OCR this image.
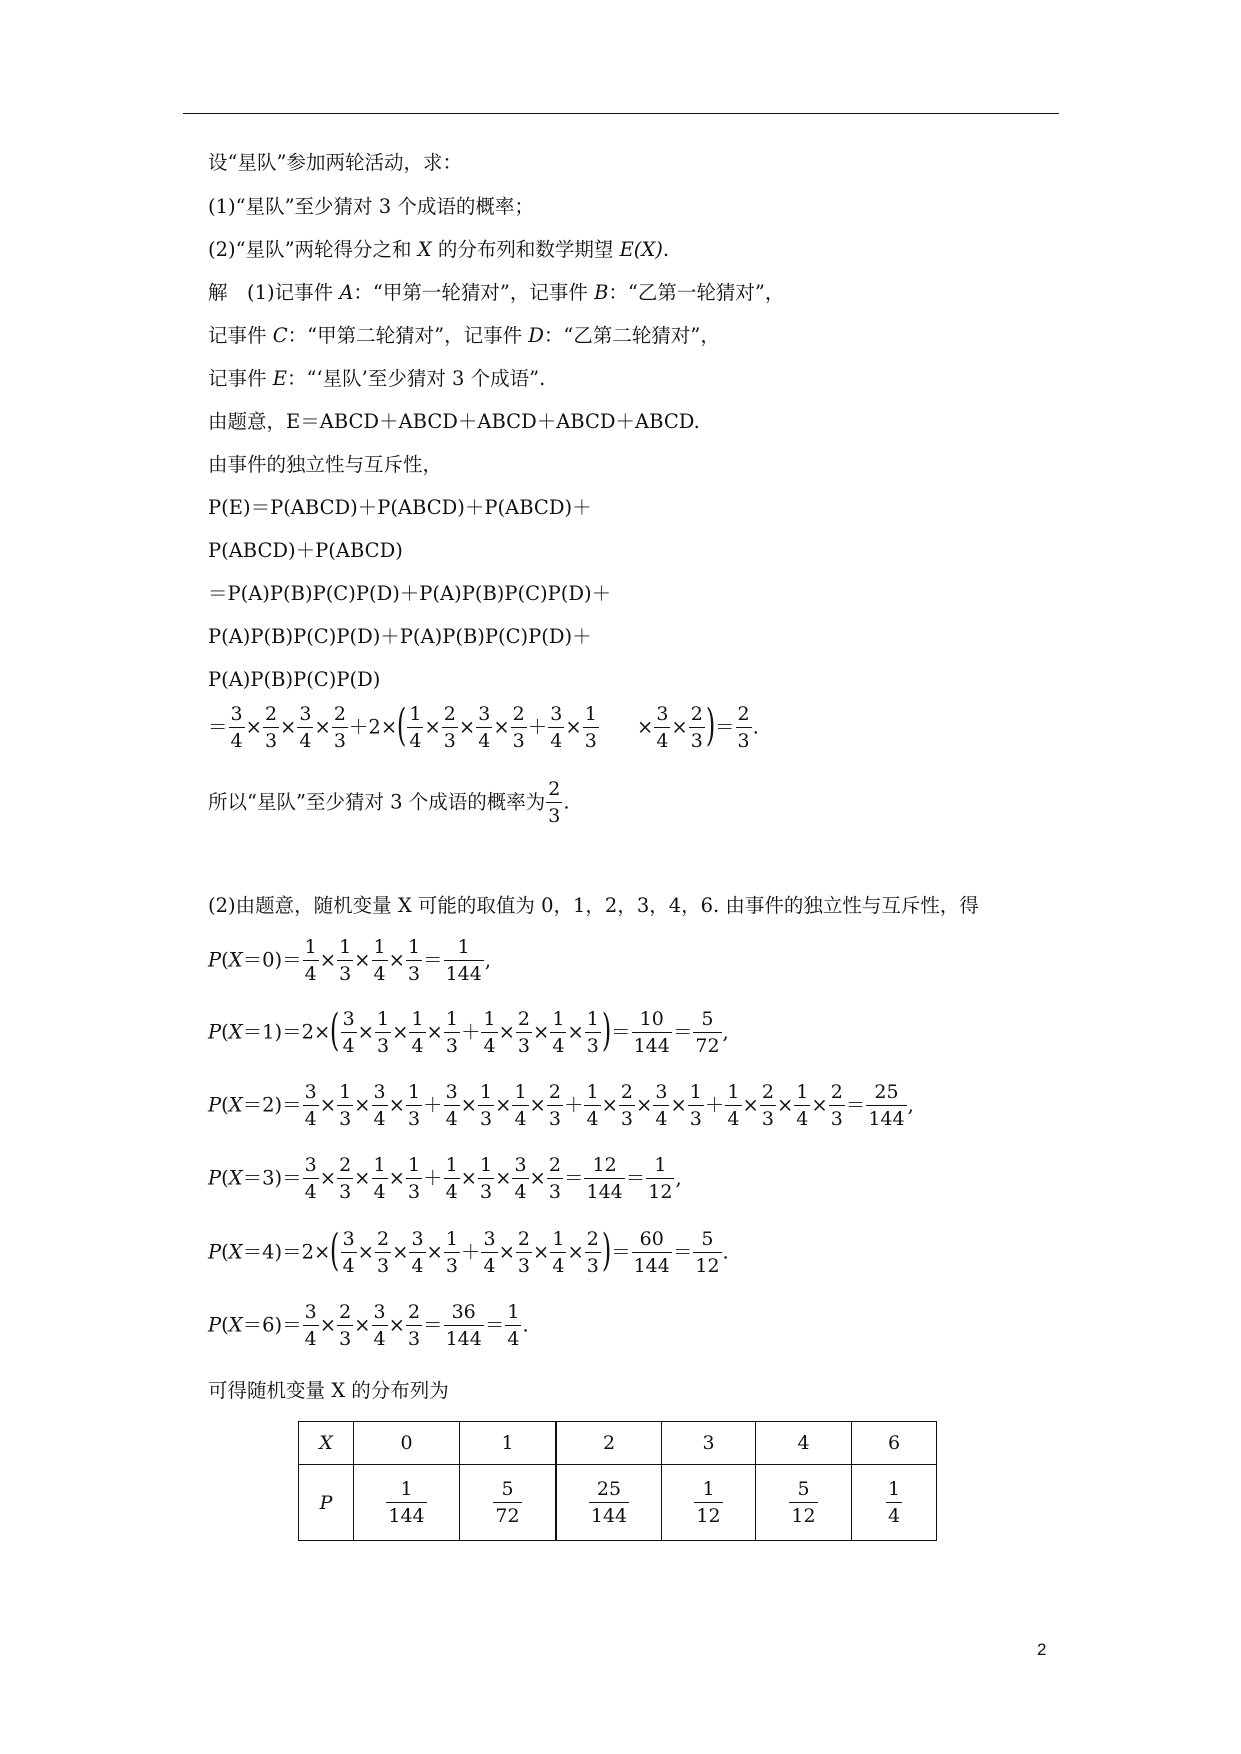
设“星队”参加两轮活动，求：
(1)“星队”至少猜对 3 个成语的概率；
(2)“星队”两轮得分之和 X 的分布列和数学期望 E(X).
解　(1)记事件 A：“甲第一轮猜对”，记事件 B：“乙第一轮猜对”，
记事件 C：“甲第二轮猜对”，记事件 D：“乙第二轮猜对”，
记事件 E：“‘星队’至少猜对 3 个成语”.
由题意，E＝ABCD＋ABCD＋ABCD＋ABCD＋ABCD.
由事件的独立性与互斥性，
P(E)＝P(ABCD)＋P(ABCD)＋P(ABCD)＋
P(ABCD)＋P(ABCD)
＝P(A)P(B)P(C)P(D)＋P(A)P(B)P(C)P(D)＋
P(A)P(B)P(C)P(D)＋P(A)P(B)P(C)P(D)＋
P(A)P(B)P(C)P(D)
＝ $\frac{3}{4} \times \frac{2}{3} \times \frac{3}{4} \times \frac{2}{3} +2\times( \frac{1}{4} \times \frac{2}{3} \times \frac{3}{4} \times \frac{2}{3} + \frac{3}{4} \times \frac{1}{3} \times \frac{3}{4} \times \frac{2}{3}$ )＝ $\frac{2}{3}$ .
所以“星队”至少猜对 3 个成语的概率为 $\frac{2}{3}$ .
(2)由题意，随机变量 X 可能的取值为 0，1，2，3，4，6. 由事件的独立性与互斥性，得
$P(X=0)= \frac{1}{4} \times \frac{1}{3} \times \frac{1}{4} \times \frac{1}{3} = \frac{1}{144}$ ,
$P(X=1)=2\times( \frac{3}{4} \times \frac{1}{3} \times \frac{1}{4} \times \frac{1}{3} + \frac{1}{4} \times \frac{2}{3} \times \frac{1}{4} \times \frac{1}{3}$ )＝ $\frac{10}{144} = \frac{5}{72}$ ,
$P(X=2)= \frac{3}{4} \times \frac{1}{3} \times \frac{3}{4} \times \frac{1}{3} + \frac{3}{4} \times \frac{1}{3} \times \frac{1}{4} \times \frac{2}{3} + \frac{1}{4} \times \frac{2}{3} \times \frac{3}{4} \times \frac{1}{3} + \frac{1}{4} \times \frac{2}{3} \times \frac{1}{4} \times \frac{2}{3} = \frac{25}{144}$ ,
$P(X=3)= \frac{3}{4} \times \frac{2}{3} \times \frac{1}{4} \times \frac{1}{3} + \frac{1}{4} \times \frac{1}{3} \times \frac{3}{4} \times \frac{2}{3} = \frac{12}{144} = \frac{1}{12}$ ,
$P(X=4)=2\times( \frac{3}{4} \times \frac{2}{3} \times \frac{3}{4} \times \frac{1}{3} + \frac{3}{4} \times \frac{2}{3} \times \frac{1}{4} \times \frac{2}{3}$ )＝ $\frac{60}{144} = \frac{5}{12}$ .
$P(X=6)= \frac{3}{4} \times \frac{2}{3} \times \frac{3}{4} \times \frac{2}{3} = \frac{36}{144} = \frac{1}{4}$ .
可得随机变量 X 的分布列为
X	0	1	2	3	4	6
P	$\frac{1}{144}$	$\frac{5}{72}$	$\frac{25}{144}$	$\frac{1}{12}$	$\frac{5}{12}$	$\frac{1}{4}$
2
